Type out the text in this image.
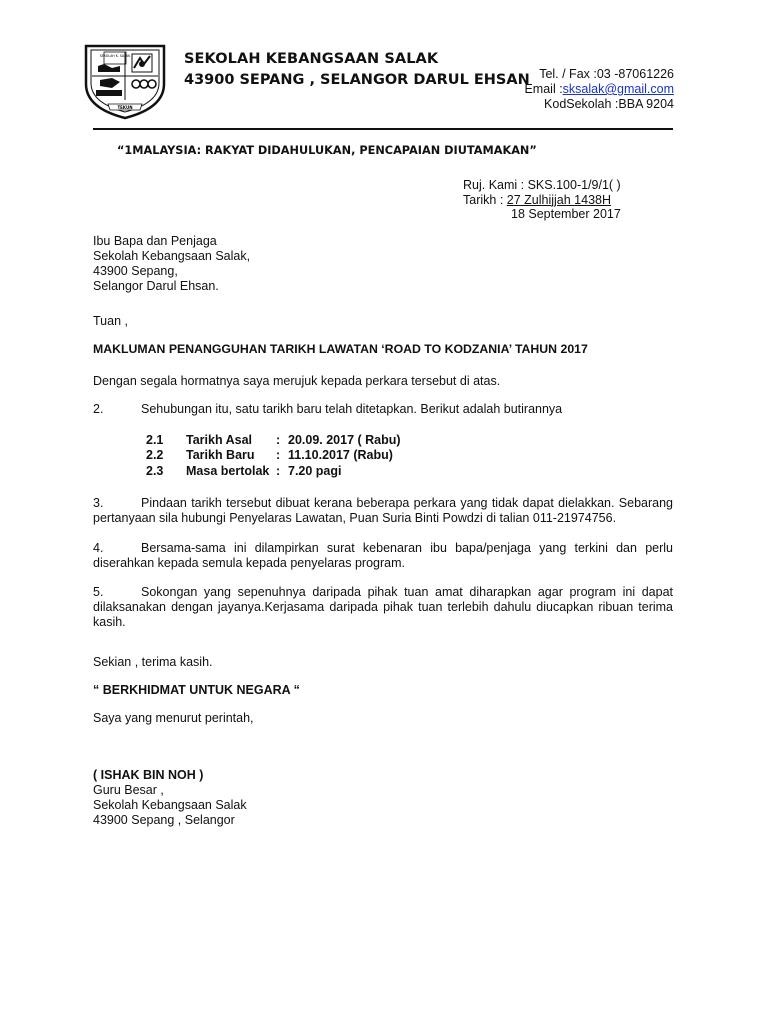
SEKOLAH K. SALAK
TEKUN
SEKOLAH KEBANGSAAN SALAK
43900 SEPANG , SELANGOR DARUL EHSAN Tel. / Fax :03 -87061226
Email :sksalak@gmail.com
KodSekolah :BBA 9204
“1MALAYSIA: RAKYAT DIDAHULUKAN, PENCAPAIAN DIUTAMAKAN”
Ruj. Kami : SKS.100-1/9/1( )
Tarikh : 27 Zulhijjah 1438H
18 September 2017
Ibu Bapa dan Penjaga
Sekolah Kebangsaan Salak,
43900 Sepang,
Selangor Darul Ehsan.
Tuan ,
MAKLUMAN PENANGGUHAN TARIKH LAWATAN ‘ROAD TO KODZANIA’ TAHUN 2017
Dengan segala hormatnya saya merujuk kepada perkara tersebut di atas.
2.	Sehubungan itu, satu tarikh baru telah ditetapkan. Berikut adalah butirannya
2.1	Tarikh Asal	:	20.09. 2017 ( Rabu)
2.2	Tarikh Baru	:	11.10.2017 (Rabu)
2.3	Masa bertolak	:	7.20 pagi
3.	Pindaan tarikh tersebut dibuat kerana beberapa perkara yang tidak dapat dielakkan. Sebarang pertanyaan sila hubungi Penyelaras Lawatan, Puan Suria Binti Powdzi di talian 011-21974756.
4.	Bersama-sama ini dilampirkan surat kebenaran ibu bapa/penjaga yang terkini dan perlu diserahkan kepada semula kepada penyelaras program.
5.	Sokongan yang sepenuhnya daripada pihak tuan amat diharapkan agar program ini dapat dilaksanakan dengan jayanya.Kerjasama daripada pihak tuan terlebih dahulu diucapkan ribuan terima kasih.
Sekian , terima kasih.
“ BERKHIDMAT UNTUK NEGARA “
Saya yang menurut perintah,
( ISHAK BIN NOH )
Guru Besar ,
Sekolah Kebangsaan Salak
43900 Sepang , Selangor
